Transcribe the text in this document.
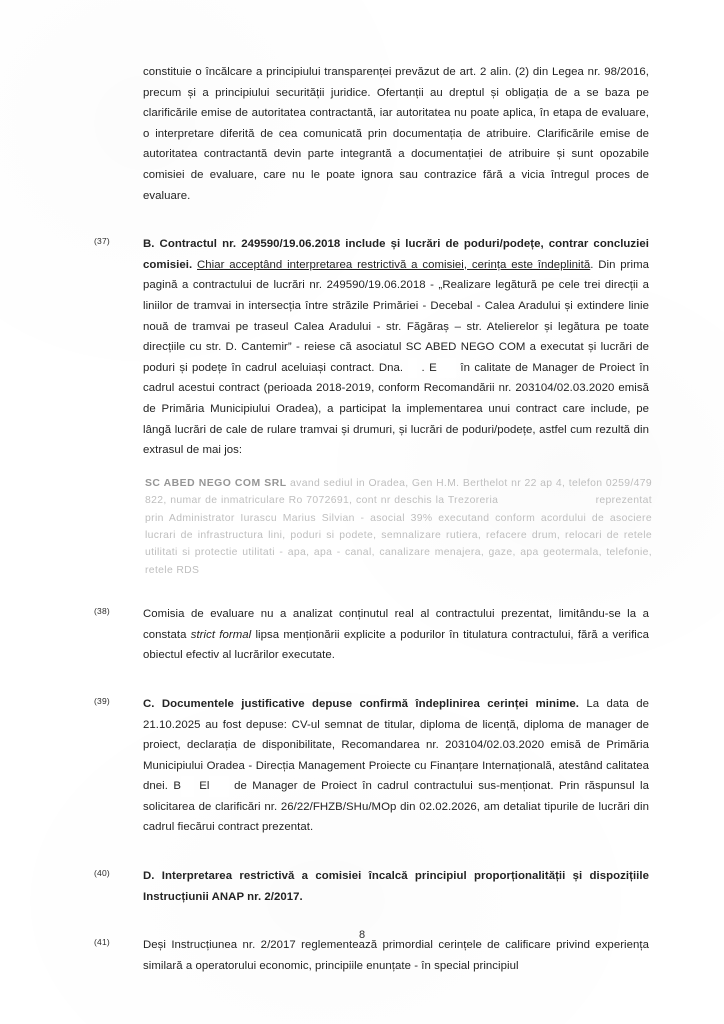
constituie o încălcare a principiului transparenței prevăzut de art. 2 alin. (2) din Legea nr. 98/2016, precum și a principiului securității juridice. Ofertanții au dreptul și obligația de a se baza pe clarificările emise de autoritatea contractantă, iar autoritatea nu poate aplica, în etapa de evaluare, o interpretare diferită de cea comunicată prin documentația de atribuire. Clarificările emise de autoritatea contractantă devin parte integrantă a documentației de atribuire și sunt opozabile comisiei de evaluare, care nu le poate ignora sau contrazice fără a vicia întregul proces de evaluare.
(37)	B. Contractul nr. 249590/19.06.2018 include și lucrări de poduri/podețe, contrar concluziei comisiei. Chiar acceptând interpretarea restrictivă a comisiei, cerința este îndeplinită. Din prima pagină a contractului de lucrări nr. 249590/19.06.2018 - „Realizare legătură pe cele trei direcții a liniilor de tramvai in intersecția între străzile Primăriei - Decebal - Calea Aradului și extindere linie nouă de tramvai pe traseul Calea Aradului - str. Făgăraș – str. Atelierelor și legătura pe toate direcțiile cu str. D. Cantemir” - reiese că asociatul SC ABED NEGO COM a executat și lucrări de poduri și podețe în cadrul aceluiași contract. Dna.  . E în calitate de Manager de Proiect în cadrul acestui contract (perioada 2018-2019, conform Recomandării nr. 203104/02.03.2020 emisă de Primăria Municipiului Oradea), a participat la implementarea unui contract care include, pe lângă lucrări de cale de rulare tramvai și drumuri, și lucrări de poduri/podețe, astfel cum rezultă din extrasul de mai jos:
SC ABED NEGO COM SRL avand sediul in Oradea, Gen H.M. Berthelot nr 22 ap 4, telefon 0259/479 822, numar de inmatriculare Ro 7072691, cont nr deschis la Trezoreria	reprezentat prin Administrator Iurascu Marius Silvian - asocial 39% executand conform acordului de asociere lucrari de infrastructura lini, poduri si podete, semnalizare rutiera, refacere drum, relocari de retele utilitati si protectie utilitati - apa, apa - canal, canalizare menajera, gaze, apa geotermala, telefonie, retele RDS
(38)	Comisia de evaluare nu a analizat conținutul real al contractului prezentat, limitându-se la a constata strict formal lipsa menționării explicite a podurilor în titulatura contractului, fără a verifica obiectul efectiv al lucrărilor executate.
(39)	C. Documentele justificative depuse confirmă îndeplinirea cerinței minime. La data de 21.10.2025 au fost depuse: CV-ul semnat de titular, diploma de licență, diploma de manager de proiect, declarația de disponibilitate, Recomandarea nr. 203104/02.03.2020 emisă de Primăria Municipiului Oradea - Direcția Management Proiecte cu Finanțare Internațională, atestând calitatea dnei. B El de Manager de Proiect în cadrul contractului sus-menționat. Prin răspunsul la solicitarea de clarificări nr. 26/22/FHZB/SHu/MOp din 02.02.2026, am detaliat tipurile de lucrări din cadrul fiecărui contract prezentat.
(40)	D. Interpretarea restrictivă a comisiei încalcă principiul proporționalității și dispozițiile Instrucțiunii ANAP nr. 2/2017.
(41)	Deși Instrucțiunea nr. 2/2017 reglementează primordial cerințele de calificare privind experiența similară a operatorului economic, principiile enunțate - în special principiul
8
